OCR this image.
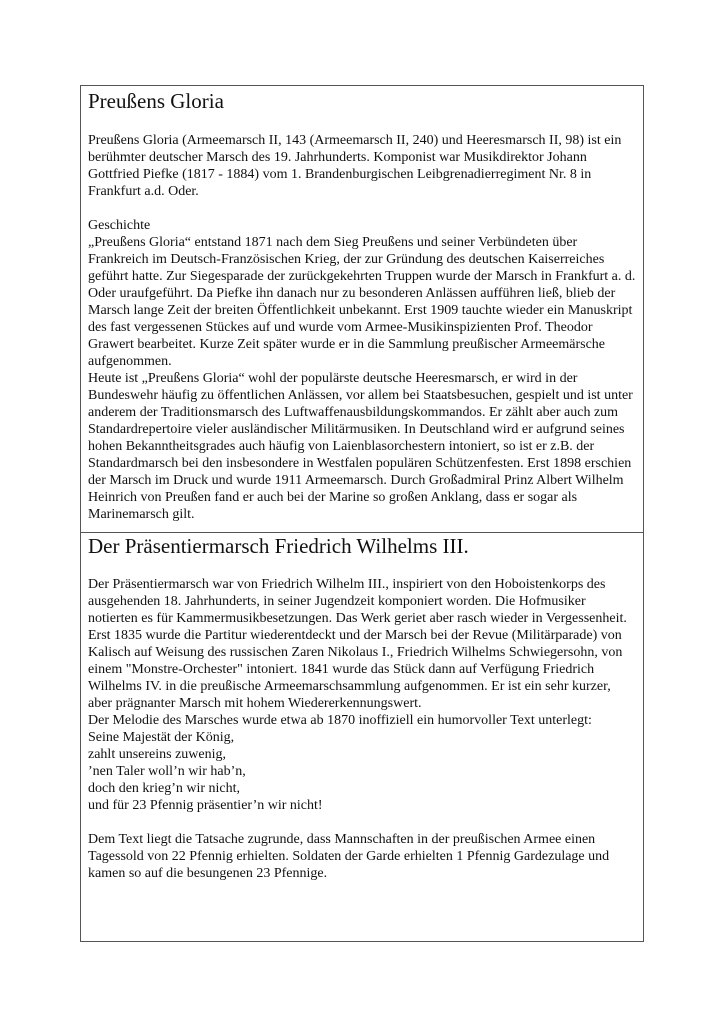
Preußens Gloria

Preußens Gloria (Armeemarsch II, 143 (Armeemarsch II, 240) und Heeresmarsch II, 98) ist ein berühmter deutscher Marsch des 19. Jahrhunderts. Komponist war Musikdirektor Johann Gottfried Piefke (1817 - 1884) vom 1. Brandenburgischen Leibgrenadierregiment Nr. 8 in Frankfurt a.d. Oder.

Geschichte

„Preußens Gloria“ entstand 1871 nach dem Sieg Preußens und seiner Verbündeten über Frankreich im Deutsch-Französischen Krieg, der zur Gründung des deutschen Kaiserreiches geführt hatte. Zur Siegesparade der zurückgekehrten Truppen wurde der Marsch in Frankfurt a. d. Oder uraufgeführt. Da Piefke ihn danach nur zu besonderen Anlässen aufführen ließ, blieb der Marsch lange Zeit der breiten Öffentlichkeit unbekannt. Erst 1909 tauchte wieder ein Manuskript des fast vergessenen Stückes auf und wurde vom Armee-Musikinspizienten Prof. Theodor Grawert bearbeitet. Kurze Zeit später wurde er in die Sammlung preußischer Armeemärsche aufgenommen.

Heute ist „Preußens Gloria“ wohl der populärste deutsche Heeresmarsch, er wird in der Bundeswehr häufig zu öffentlichen Anlässen, vor allem bei Staatsbesuchen, gespielt und ist unter anderem der Traditionsmarsch des Luftwaffenausbildungskommandos. Er zählt aber auch zum Standardrepertoire vieler ausländischer Militärmusiken. In Deutschland wird er aufgrund seines hohen Bekanntheitsgrades auch häufig von Laienblasorchestern intoniert, so ist er z.B. der Standardmarsch bei den insbesondere in Westfalen populären Schützenfesten. Erst 1898 erschien der Marsch im Druck und wurde 1911 Armeemarsch. Durch Großadmiral Prinz Albert Wilhelm Heinrich von Preußen fand er auch bei der Marine so großen Anklang, dass er sogar als Marinemarsch gilt.

Der Präsentiermarsch Friedrich Wilhelms III.

Der Präsentiermarsch war von Friedrich Wilhelm III., inspiriert von den Hoboistenkorps des ausgehenden 18. Jahrhunderts, in seiner Jugendzeit komponiert worden. Die Hofmusiker notierten es für Kammermusikbesetzungen. Das Werk geriet aber rasch wieder in Vergessenheit. Erst 1835 wurde die Partitur wiederentdeckt und der Marsch bei der Revue (Militärparade) von Kalisch auf Weisung des russischen Zaren Nikolaus I., Friedrich Wilhelms Schwiegersohn, von einem "Monstre-Orchester" intoniert. 1841 wurde das Stück dann auf Verfügung Friedrich Wilhelms IV. in die preußische Armeemarschsammlung aufgenommen. Er ist ein sehr kurzer, aber prägnanter Marsch mit hohem Wiedererkennungswert.

Der Melodie des Marsches wurde etwa ab 1870 inoffiziell ein humorvoller Text unterlegt:

Seine Majestät der König,
zahlt unsereins zuwenig,
’nen Taler woll’n wir hab’n,
doch den krieg’n wir nicht,
und für 23 Pfennig präsentier’n wir nicht!

Dem Text liegt die Tatsache zugrunde, dass Mannschaften in der preußischen Armee einen Tagessold von 22 Pfennig erhielten. Soldaten der Garde erhielten 1 Pfennig Gardezulage und kamen so auf die besungenen 23 Pfennige.
